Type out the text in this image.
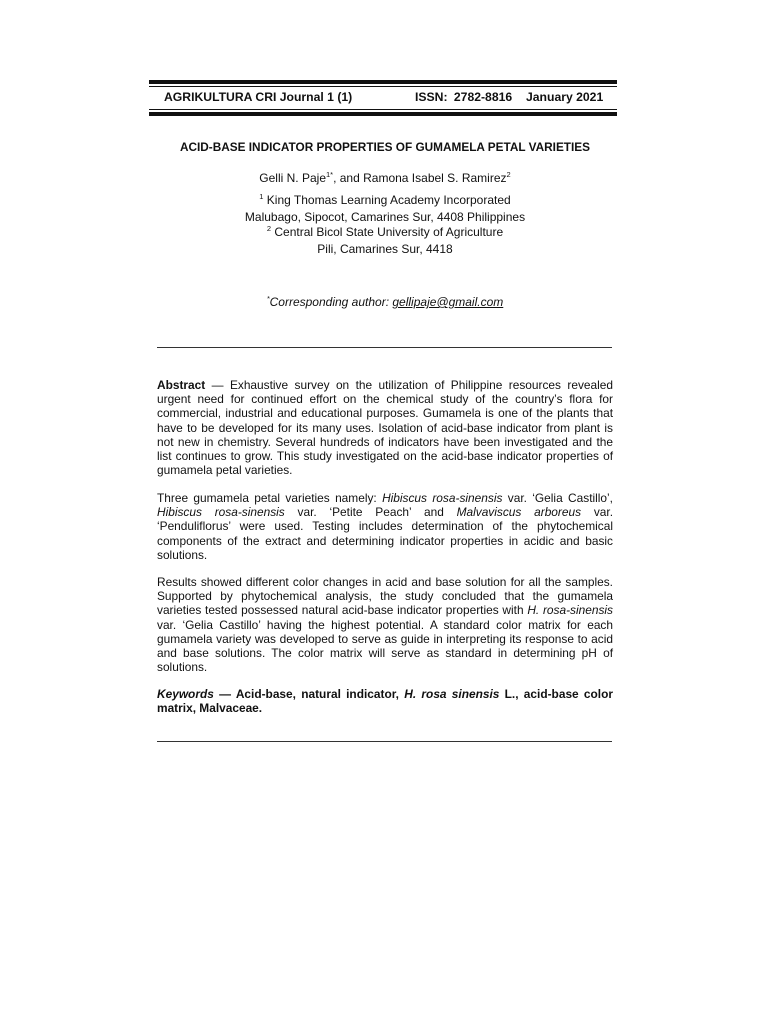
AGRIKULTURA CRI Journal 1 (1)	ISSN: 2782-8816 January 2021
ACID-BASE INDICATOR PROPERTIES OF GUMAMELA PETAL VARIETIES
Gelli N. Paje$^{1*}$, and Ramona Isabel S. Ramirez$^2$
$^1$ King Thomas Learning Academy Incorporated
Malubago, Sipocot, Camarines Sur, 4408 Philippines
$^2$ Central Bicol State University of Agriculture
Pili, Camarines Sur, 4418
*Corresponding author: gellipaje@gmail.com
Abstract — Exhaustive survey on the utilization of Philippine resources revealed urgent need for continued effort on the chemical study of the country’s flora for commercial, industrial and educational purposes. Gumamela is one of the plants that have to be developed for its many uses. Isolation of acid-base indicator from plant is not new in chemistry. Several hundreds of indicators have been investigated and the list continues to grow. This study investigated on the acid-base indicator properties of gumamela petal varieties.
Three gumamela petal varieties namely: Hibiscus rosa-sinensis var. ‘Gelia Castillo’, Hibiscus rosa-sinensis var. ‘Petite Peach’ and Malvaviscus arboreus var. ‘Penduliflorus’ were used. Testing includes determination of the phytochemical components of the extract and determining indicator properties in acidic and basic solutions.
Results showed different color changes in acid and base solution for all the samples. Supported by phytochemical analysis, the study concluded that the gumamela varieties tested possessed natural acid-base indicator properties with H. rosa-sinensis var. ‘Gelia Castillo’ having the highest potential. A standard color matrix for each gumamela variety was developed to serve as guide in interpreting its response to acid and base solutions. The color matrix will serve as standard in determining pH of solutions.
Keywords — Acid-base, natural indicator, H. rosa sinensis L., acid-base color matrix, Malvaceae.
